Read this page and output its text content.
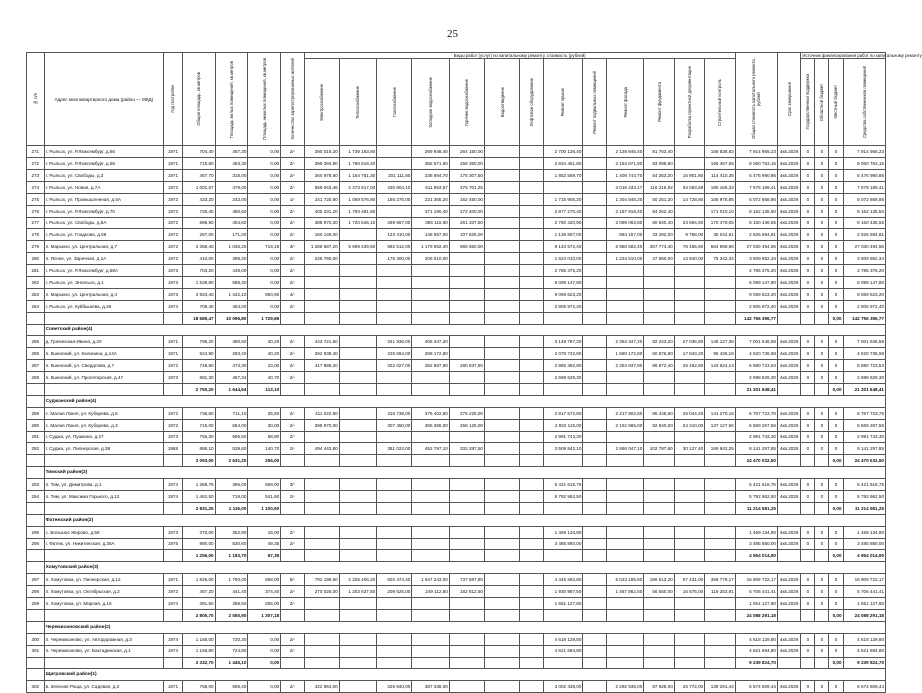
25
№ п/п	Адрес многоквартирного дома (район — МКД)	Год постройки	Общая площадь, кв.метров	Площадь жилых помещений, кв.метров	Площадь нежилых помещений, кв.метров	Количество зарегистрированных жителей	Виды работ (услуг) по капитальному ремонту, стоимость (рублей)													Общая стоимость капитального ремонта, рублей	Срок завершения	Источник финансирования работ по капитальному ремонту			

							Электроснабжение	Теплоснабжение	Газоснабжение	Холодное водоснабжение	Горячее водоснабжение	Водоотведение	Лифтовое оборудование	Ремонт крыши	Ремонт подвальных помещений	Ремонт фасада	Ремонт фундамента	Разработка проектной документации	Строительный контроль			Государственная поддержка	Областной бюджет	Местный бюджет	Средства собственников помещений

271	г. Рыльск, ул. Р.Люксембург, д.66	1971	704,40	457,30	0,00	2/-	390 016,20	1 739 163,60		269 948,40	264 150,00			2 700 126,40		2 129 846,40	81 763,40		166 836,83	7 914 955,23	4кв.2026	0	0	0	7 914 955,23
272	г. Рыльск, ул. Р.Люксембург, д.68	1971	715,80	463,30	0,00	2/-	399 394,80	1 766 816,40		365 671,60	268 350,00			2 834 461,80		2 164 671,80	83 099,80		166 467,55	8 060 763,15	4кв.2026	0	0	0	8 060 763,15
273	г. Рыльск, ул. Свободы, д.3	1971	467,70	318,00	0,00	2/-	260 978,60	1 154 751,30	201 111,80	238 894,70	175 307,50			1 852 559,70		1 408 744,70	54 253,20	15 901,80	114 410,36	5 476 990,86	4кв.2026	0	0	0	5 476 990,86
274	г. Рыльск, ул. Новая, д.7А	1972	1 001,67	479,00	0,00	2/-	559 043,46	2 473 617,03	430 804,10	511 953,57	375 701,25					3 016 433,17	116 216,92	34 063,59	180 166,33	7 678 189,41	4кв.2026	0	0	0	7 678 189,41
275	г. Рыльск, ул. Промышленная, д.5А	1972	433,20	243,00	0,00	1/-	241 725,60	1 069 576,80	186 276,00	221 365,20	162 450,00			1 715 905,20		1 304 845,20	50 251,20	14 728,80	105 976,86	5 072 668,86	4кв.2026	0	0	0	5 072 668,86
276	г. Рыльск, ул. Р.Люксембург, д.70	1972	726,40	480,60	0,00	2/-	405 331,20	1 793 481,60		371 190,40	272 400,00			2 877 270,40		2 187 918,40	84 262,40		171 010,10	8 162 135,50	4кв.2026	0	0	0	8 162 135,50
277	г. Рыльск, ул. Свободы, д.8А	1972	696,90	404,60	0,00	2/-	388 870,20	1 720 646,10	299 667,00	356 115,90	261 337,50			2 760 420,90		2 099 063,80	80 840,40	23 694,60	170 479,05	8 160 436,55	4кв.2026	0	0	0	8 160 436,55
278	г. Рыльск, ул. Гладкова, д.58	1972	287,00	171,00	0,00	2/-	160 146,00		123 410,00	146 657,00	107 625,00			1 136 807,00		864 157,00	33 292,00	9 758,00	35 042,81	2 626 694,81	4кв.2026	0	0	0	2 626 694,81
279	п. Марьино, ул. Центральная, д.7	1972	2 368,40	1 036,20	719,18	3/-	1 288 687,20	5 699 439,60	992 612,00	1 179 592,40	865 650,00			9 143 572,40		6 950 582,40	267 774,40	78 465,60	564 698,66	27 030 494,56	4кв.2026	0	0	0	27 030 494,56
280	п. Ясное, ул. Заречная, д.1А	1972	410,00	399,20	0,00	2/-	228 760,00		176 300,00	209 510,00				1 624 010,00		1 234 510,00	47 560,00	13 940,00	75 342,34	3 609 952,34	4кв.2026	0	0	0	3 609 952,34
281	г. Рыльск, ул. Р.Люксембург, д.68А	1973	703,20	448,00	0,00	2/-								2 785 375,20						2 785 375,20	4кв.2026	0	0	0	2 785 375,20
282	г. Рыльск, ул. Энгельса, д.1	1973	1 539,80	588,40	0,00	2/-								6 099 147,80						6 099 147,80	4кв.2026	0	0	0	6 099 147,80
283	п. Марьино, ул. Центральная, д.4	1973	3 923,40	1 442,10	950,90	4/-								9 059 623,20						9 059 623,20	4кв.2026	0	0	0	9 059 623,20
284	г. Рыльск, ул. Куйбышева, д.28	1974	708,40	464,00	0,00	2/-								2 805 972,40						2 805 972,40	4кв.2026	0	0	0	2 805 972,40
			18 685,47	10 096,80	1 729,86															142 756 396,77				0,00	142 756 396,77
	Советский район(4)																								
285	д. Грачинская-Ивина, д.20	1971	795,20	480,60	40,20	2/-	443 721,60		341 936,00	406 347,20				3 149 787,20		2 394 347,20	92 243,20	27 036,80	146 127,38	7 001 546,58	4кв.2026	0	0	0	7 001 546,58
286	п. Кшенский, ул. Калинина, д.14А	1971	524,80	293,40	40,20	2/-	292 838,40		225 664,00	268 172,80				2 078 732,80		1 580 172,80	60 876,80	17 843,20	96 436,18	4 620 736,98	4кв.2026	0	0	0	4 620 736,98
287	п. Кшенский, ул. Свердлова, д.7	1972	748,90	473,30	23,00	2/-	417 886,20		322 027,00	382 687,90	280 837,50			2 966 392,90		2 254 937,90	86 872,40	25 462,60	143 624,13	6 880 723,53	4кв.2026	0	0	0	6 880 723,53
288	п. Кшенский, ул. Пролетарская, д.47	1973	681,30	467,34	40,70	2/-								2 698 629,30						2 698 629,30	4кв.2026	0	0	0	2 698 629,30
			2 750,20	1 644,64	113,10															21 201 648,41				0,00	21 201 648,41
	Суджанский район(4)																								
289	с. Малая Локня, ул. Кубарева, д.5	1972	736,60	711,10	25,50	2/-	411 022,80		316 738,00	376 402,60	276 225,00			2 917 672,60		2 217 902,60	85 445,60	25 044,40	141 270,16	6 767 723,76	4кв.2026	0	0	0	6 767 723,76
290	с. Малая Локня, ул. Кубарева, д.3	1972	715,00	684,00	30,00	2/-	398 970,00		307 450,00	365 365,00	268 125,00			2 832 115,00		2 152 865,00	82 940,00	24 310,00	137 127,56	6 569 267,56	4кв.2026	0	0	0	6 569 267,56
291	г. Суджа, ул. Пушкина, д.27	1973	755,30	696,50	58,80	2/-								2 991 743,30						2 991 743,30	4кв.2026	0	0	0	2 991 743,30
292	г. Суджа, ул. Пионерская, д.38	1988	886,10	539,60	140,70	2/-	494 443,80		381 023,00	452 797,10	332 287,50			3 509 842,10		2 668 047,10	102 787,60	30 127,40	169 942,25	8 141 297,85	4кв.2026	0	0	0	8 141 297,85
			3 093,00	2 631,20	255,00															24 470 032,50				0,00	24 470 032,50
	Тимский район(2)																								
293	п. Тим, ул. Димитрова, д.1	1974	1 368,75	396,00	559,00	3/-								5 421 618,75						5 421 618,75	4кв.2026	0	0	0	5 421 618,75
294	п. Тим, ул. Максима Горького, д.12	1974	1 462,50	719,00	541,60	2/-								5 792 962,50						5 792 962,50	4кв.2026	0	0	0	5 792 962,50
			2 831,25	1 116,00	1 100,60															11 214 581,25				0,00	11 214 581,25
	Фатежский район(2)																								
295	с. Большое Жирово, д.58	1973	376,00	352,90	18,00	2/-								1 469 134,90						1 469 134,90	4кв.2026	0	0	0	1 469 134,90
296	г. Фатеж, ул. Никитинская, д.35А	1975	880,00	830,60	49,35	2/-								3 485 880,00						3 485 880,00	4кв.2026	0	0	0	3 485 880,00
			1 256,00	1 183,70	67,35															4 954 014,90				0,00	4 954 014,90
	Хомутовский район(3)																								
297	п. Хомутовка, ул. Пионерская, д.12	1971	1 826,00	1 750,00	658,00	5/-	792 199,60	2 325 406,20	602 474,40	1 647 243,00	737 687,80			4 445 592,80		5 023 195,80	196 513,20	67 431,00	356 776,17	16 809 722,17	4кв.2026	0	0	0	16 809 722,17
298	п. Хомутовка, ул. Октябрьская, д.2	1972	487,20	441,40	374,40	2/-	270 025,00	1 203 637,50	209 625,00	249 112,50	182 812,50			1 930 987,50		1 467 862,50	56 550,00	16 575,00	119 253,91	5 706 441,41	4кв.2026	0	0	0	5 706 441,41
299	п. Хомутовка, ул. Мирная, д.16	1974	391,50	359,50	255,00	2/-								1 551 127,80						1 551 127,80	4кв.2026	0	0	0	1 551 127,80
			2 805,70	2 550,90	1 307,18															24 088 291,18				0,00	24 088 291,18
	Черемисиновский район(2)																								
300	п. Черемисиново, ул. Автодорожная, д.3	1974	1 166,00	720,30	0,00	2/-								4 618 129,80						4 618 129,80	4кв.2026	0	0	0	4 618 129,80
301	п. Черемисиново, ул. Бахтадинская, д.1	1974	1 166,80	724,80	0,00	2/-								4 621 694,80						4 621 694,80	4кв.2026	0	0	0	4 621 694,80
			2 332,70	1 445,10	0,00															9 239 824,70				0,00	9 239 824,70
	Щигровский район(1)																								
302	в. Зеленая Роща, ул. Садовая, д.3	1971	758,00	596,40	0,00	2/-	422 964,00		326 940,00	387 338,00				3 002 438,00		2 292 938,00	87 928,00	25 772,00	139 291,44	6 674 609,44	4кв.2026	0	0	0	6 674 609,44
